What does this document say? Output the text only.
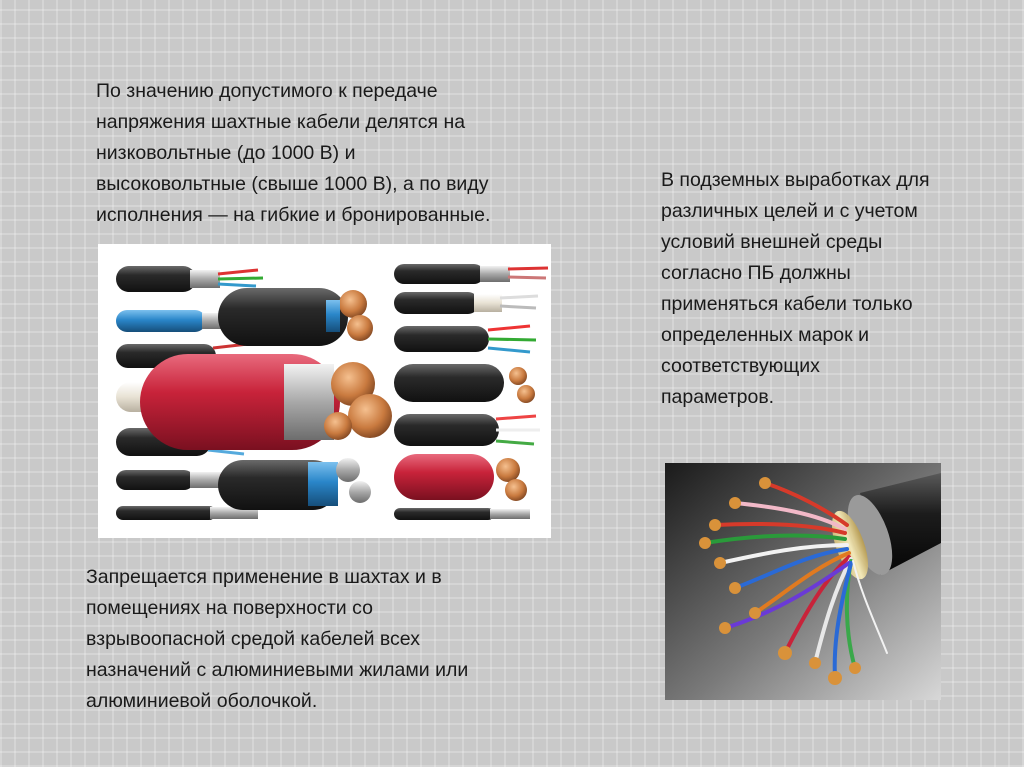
По значению допустимого к передаче
напряжения шахтные кабели делятся на
низковольтные (до 1000 В) и
высоковольтные (свыше 1000 В), а по виду
исполнения — на гибкие и бронированные.

В подземных выработках для
различных целей и с учетом
условий внешней среды
согласно ПБ должны
применяться кабели только
определенных марок и
соответствующих
параметров.

Запрещается применение в шахтах и в
помещениях на поверхности со
взрывоопасной средой кабелей всех
назначений с алюминиевыми жилами или
алюминиевой оболочкой.
